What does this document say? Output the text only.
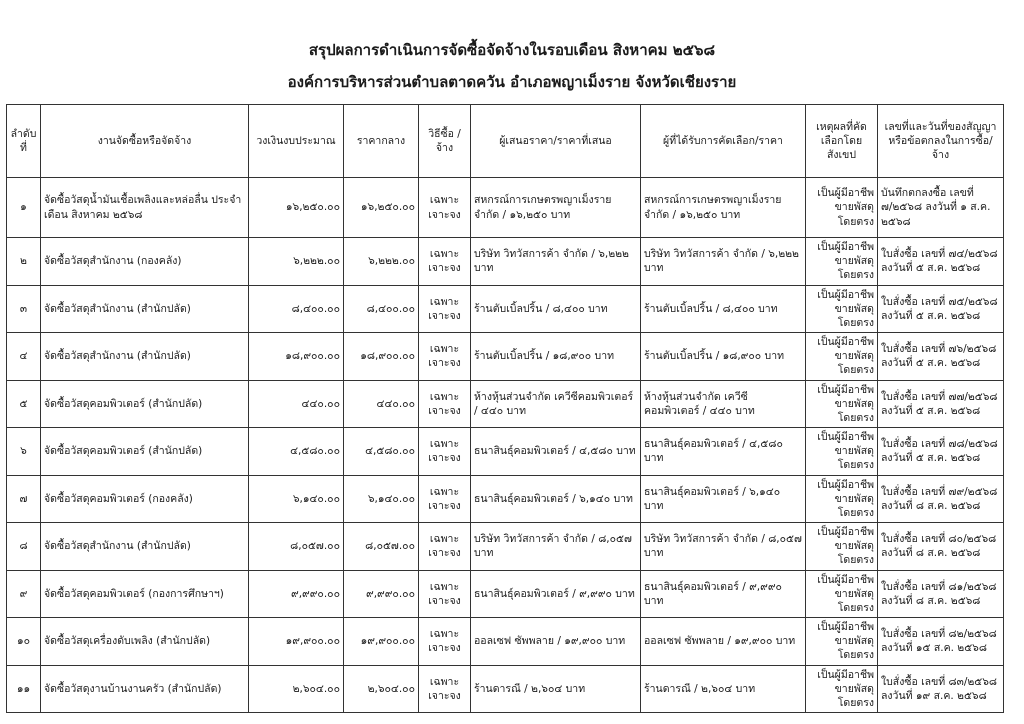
สรุปผลการดำเนินการจัดซื้อจัดจ้างในรอบเดือน สิงหาคม ๒๕๖๘
องค์การบริหารส่วนตำบลตาดควัน อำเภอพญาเม็งราย จังหวัดเชียงราย
ลำดับที่	งานจัดซื้อหรือจัดจ้าง	วงเงินงบประมาณ	ราคากลาง	วิธีซื้อ / จ้าง	ผู้เสนอราคา/ราคาที่เสนอ	ผู้ที่ได้รับการคัดเลือก/ราคา	เหตุผลที่คัดเลือกโดยสังเขป	เลขที่และวันที่ของสัญญาหรือข้อตกลงในการซื้อ/จ้าง
๑	จัดซื้อวัสดุน้ำมันเชื้อเพลิงและหล่อลื่น ประจำเดือน สิงหาคม ๒๕๖๘	๑๖,๒๕๐.๐๐	๑๖,๒๕๐.๐๐	เฉพาะเจาะจง	สหกรณ์การเกษตรพญาเม็งราย จำกัด / ๑๖,๒๕๐ บาท	สหกรณ์การเกษตรพญาเม็งราย จำกัด / ๑๖,๒๕๐ บาท	เป็นผู้มีอาชีพขายพัสดุโดยตรง	บันทึกตกลงซื้อ เลขที่ ๗/๒๕๖๘ ลงวันที่ ๑ ส.ค. ๒๕๖๘
๒	จัดซื้อวัสดุสำนักงาน (กองคลัง)	๖,๒๒๒.๐๐	๖,๒๒๒.๐๐	เฉพาะเจาะจง	บริษัท วิทวัสการค้า จำกัด / ๖,๒๒๒ บาท	บริษัท วิทวัสการค้า จำกัด / ๖,๒๒๒ บาท	เป็นผู้มีอาชีพขายพัสดุโดยตรง	ใบสั่งซื้อ เลขที่ ๗๔/๒๕๖๘ ลงวันที่ ๕ ส.ค. ๒๕๖๘
๓	จัดซื้อวัสดุสำนักงาน (สำนักปลัด)	๘,๔๐๐.๐๐	๘,๔๐๐.๐๐	เฉพาะเจาะจง	ร้านตับเบิ้ลปริ้น / ๘,๔๐๐ บาท	ร้านตับเบิ้ลปริ้น / ๘,๔๐๐ บาท	เป็นผู้มีอาชีพขายพัสดุโดยตรง	ใบสั่งซื้อ เลขที่ ๗๕/๒๕๖๘ ลงวันที่ ๕ ส.ค. ๒๕๖๘
๔	จัดซื้อวัสดุสำนักงาน (สำนักปลัด)	๑๘,๙๐๐.๐๐	๑๘,๙๐๐.๐๐	เฉพาะเจาะจง	ร้านตับเบิ้ลปริ้น / ๑๘,๙๐๐ บาท	ร้านตับเบิ้ลปริ้น / ๑๘,๙๐๐ บาท	เป็นผู้มีอาชีพขายพัสดุโดยตรง	ใบสั่งซื้อ เลขที่ ๗๖/๒๕๖๘ ลงวันที่ ๕ ส.ค. ๒๕๖๘
๕	จัดซื้อวัสดุคอมพิวเตอร์ (สำนักปลัด)	๔๔๐.๐๐	๔๔๐.๐๐	เฉพาะเจาะจง	ห้างหุ้นส่วนจำกัด เควีซีคอมพิวเตอร์ / ๔๔๐ บาท	ห้างหุ้นส่วนจำกัด เควีซีคอมพิวเตอร์ / ๔๔๐ บาท	เป็นผู้มีอาชีพขายพัสดุโดยตรง	ใบสั่งซื้อ เลขที่ ๗๗/๒๕๖๘ ลงวันที่ ๕ ส.ค. ๒๕๖๘
๖	จัดซื้อวัสดุคอมพิวเตอร์ (สำนักปลัด)	๔,๕๘๐.๐๐	๔,๕๘๐.๐๐	เฉพาะเจาะจง	ธนาสินธุ์คอมพิวเตอร์ / ๔,๕๘๐ บาท	ธนาสินธุ์คอมพิวเตอร์ / ๔,๕๘๐ บาท	เป็นผู้มีอาชีพขายพัสดุโดยตรง	ใบสั่งซื้อ เลขที่ ๗๘/๒๕๖๘ ลงวันที่ ๕ ส.ค. ๒๕๖๘
๗	จัดซื้อวัสดุคอมพิวเตอร์ (กองคลัง)	๖,๑๔๐.๐๐	๖,๑๔๐.๐๐	เฉพาะเจาะจง	ธนาสินธุ์คอมพิวเตอร์ / ๖,๑๔๐ บาท	ธนาสินธุ์คอมพิวเตอร์ / ๖,๑๔๐ บาท	เป็นผู้มีอาชีพขายพัสดุโดยตรง	ใบสั่งซื้อ เลขที่ ๗๙/๒๕๖๘ ลงวันที่ ๘ ส.ค. ๒๕๖๘
๘	จัดซื้อวัสดุสำนักงาน (สำนักปลัด)	๘,๐๕๗.๐๐	๘,๐๕๗.๐๐	เฉพาะเจาะจง	บริษัท วิทวัสการค้า จำกัด / ๘,๐๕๗ บาท	บริษัท วิทวัสการค้า จำกัด / ๘,๐๕๗ บาท	เป็นผู้มีอาชีพขายพัสดุโดยตรง	ใบสั่งซื้อ เลขที่ ๘๐/๒๕๖๘ ลงวันที่ ๘ ส.ค. ๒๕๖๘
๙	จัดซื้อวัสดุคอมพิวเตอร์ (กองการศึกษาฯ)	๙,๙๙๐.๐๐	๙,๙๙๐.๐๐	เฉพาะเจาะจง	ธนาสินธุ์คอมพิวเตอร์ / ๙,๙๙๐ บาท	ธนาสินธุ์คอมพิวเตอร์ / ๙,๙๙๐ บาท	เป็นผู้มีอาชีพขายพัสดุโดยตรง	ใบสั่งซื้อ เลขที่ ๘๑/๒๕๖๘ ลงวันที่ ๘ ส.ค. ๒๕๖๘
๑๐	จัดซื้อวัสดุเครื่องดับเพลิง (สำนักปลัด)	๑๙,๙๐๐.๐๐	๑๙,๙๐๐.๐๐	เฉพาะเจาะจง	ออลเซฟ ซัพพลาย / ๑๙,๙๐๐ บาท	ออลเซฟ ซัพพลาย / ๑๙,๙๐๐ บาท	เป็นผู้มีอาชีพขายพัสดุโดยตรง	ใบสั่งซื้อ เลขที่ ๘๒/๒๕๖๘ ลงวันที่ ๑๕ ส.ค. ๒๕๖๘
๑๑	จัดซื้อวัสดุงานบ้านงานครัว (สำนักปลัด)	๒,๖๐๔.๐๐	๒,๖๐๔.๐๐	เฉพาะเจาะจง	ร้านดารณี / ๒,๖๐๔ บาท	ร้านดารณี / ๒,๖๐๔ บาท	เป็นผู้มีอาชีพขายพัสดุโดยตรง	ใบสั่งซื้อ เลขที่ ๘๓/๒๕๖๘ ลงวันที่ ๑๙ ส.ค. ๒๕๖๘
